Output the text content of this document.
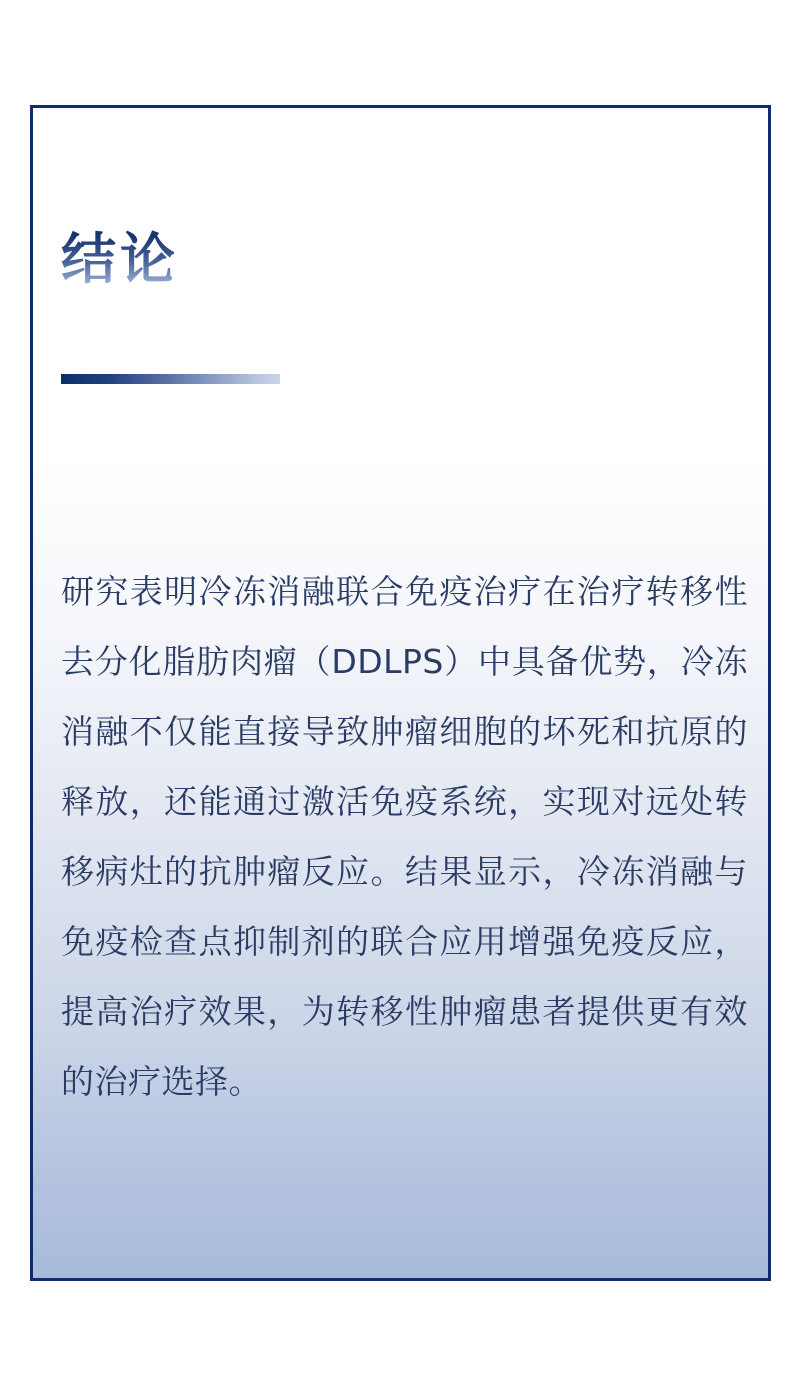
结论

研究表明冷冻消融联合免疫治疗在治疗转移性去分化脂肪肉瘤（DDLPS）中具备优势，冷冻消融不仅能直接导致肿瘤细胞的坏死和抗原的释放，还能通过激活免疫系统，实现对远处转移病灶的抗肿瘤反应。结果显示，冷冻消融与免疫检查点抑制剂的联合应用增强免疫反应，提高治疗效果，为转移性肿瘤患者提供更有效的治疗选择。
